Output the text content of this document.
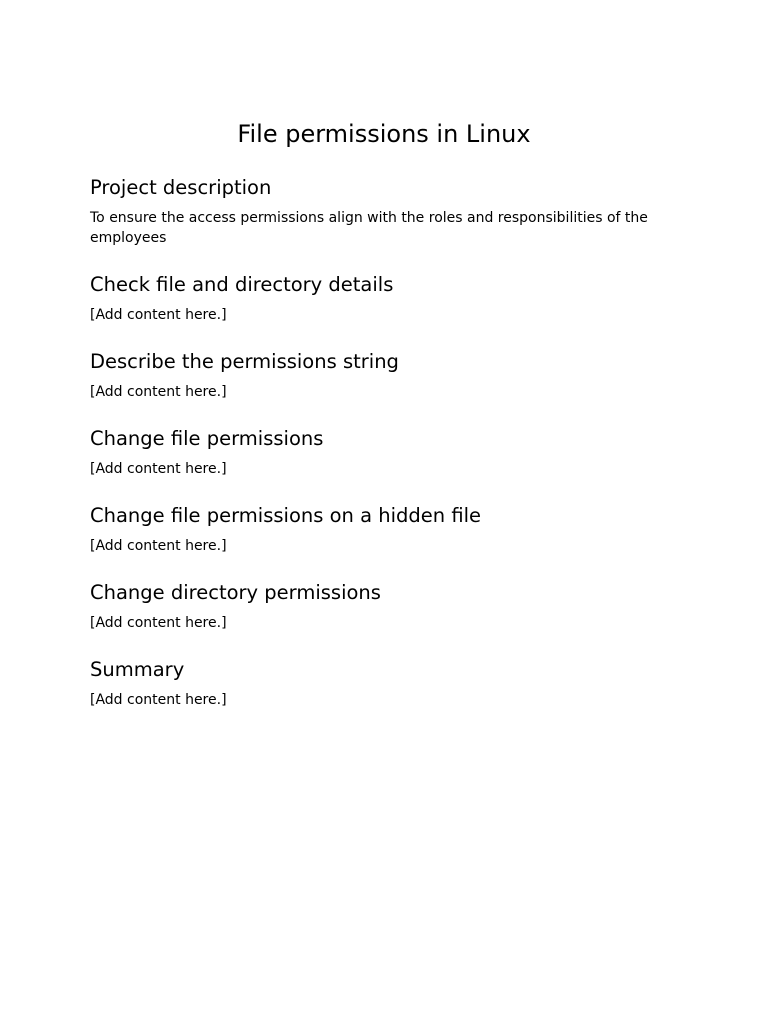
File permissions in Linux
Project description

To ensure the access permissions align with the roles and responsibilities of the employees

Check file and directory details

[Add content here.]

Describe the permissions string

[Add content here.]

Change file permissions

[Add content here.]

Change file permissions on a hidden file

[Add content here.]

Change directory permissions

[Add content here.]

Summary

[Add content here.]
